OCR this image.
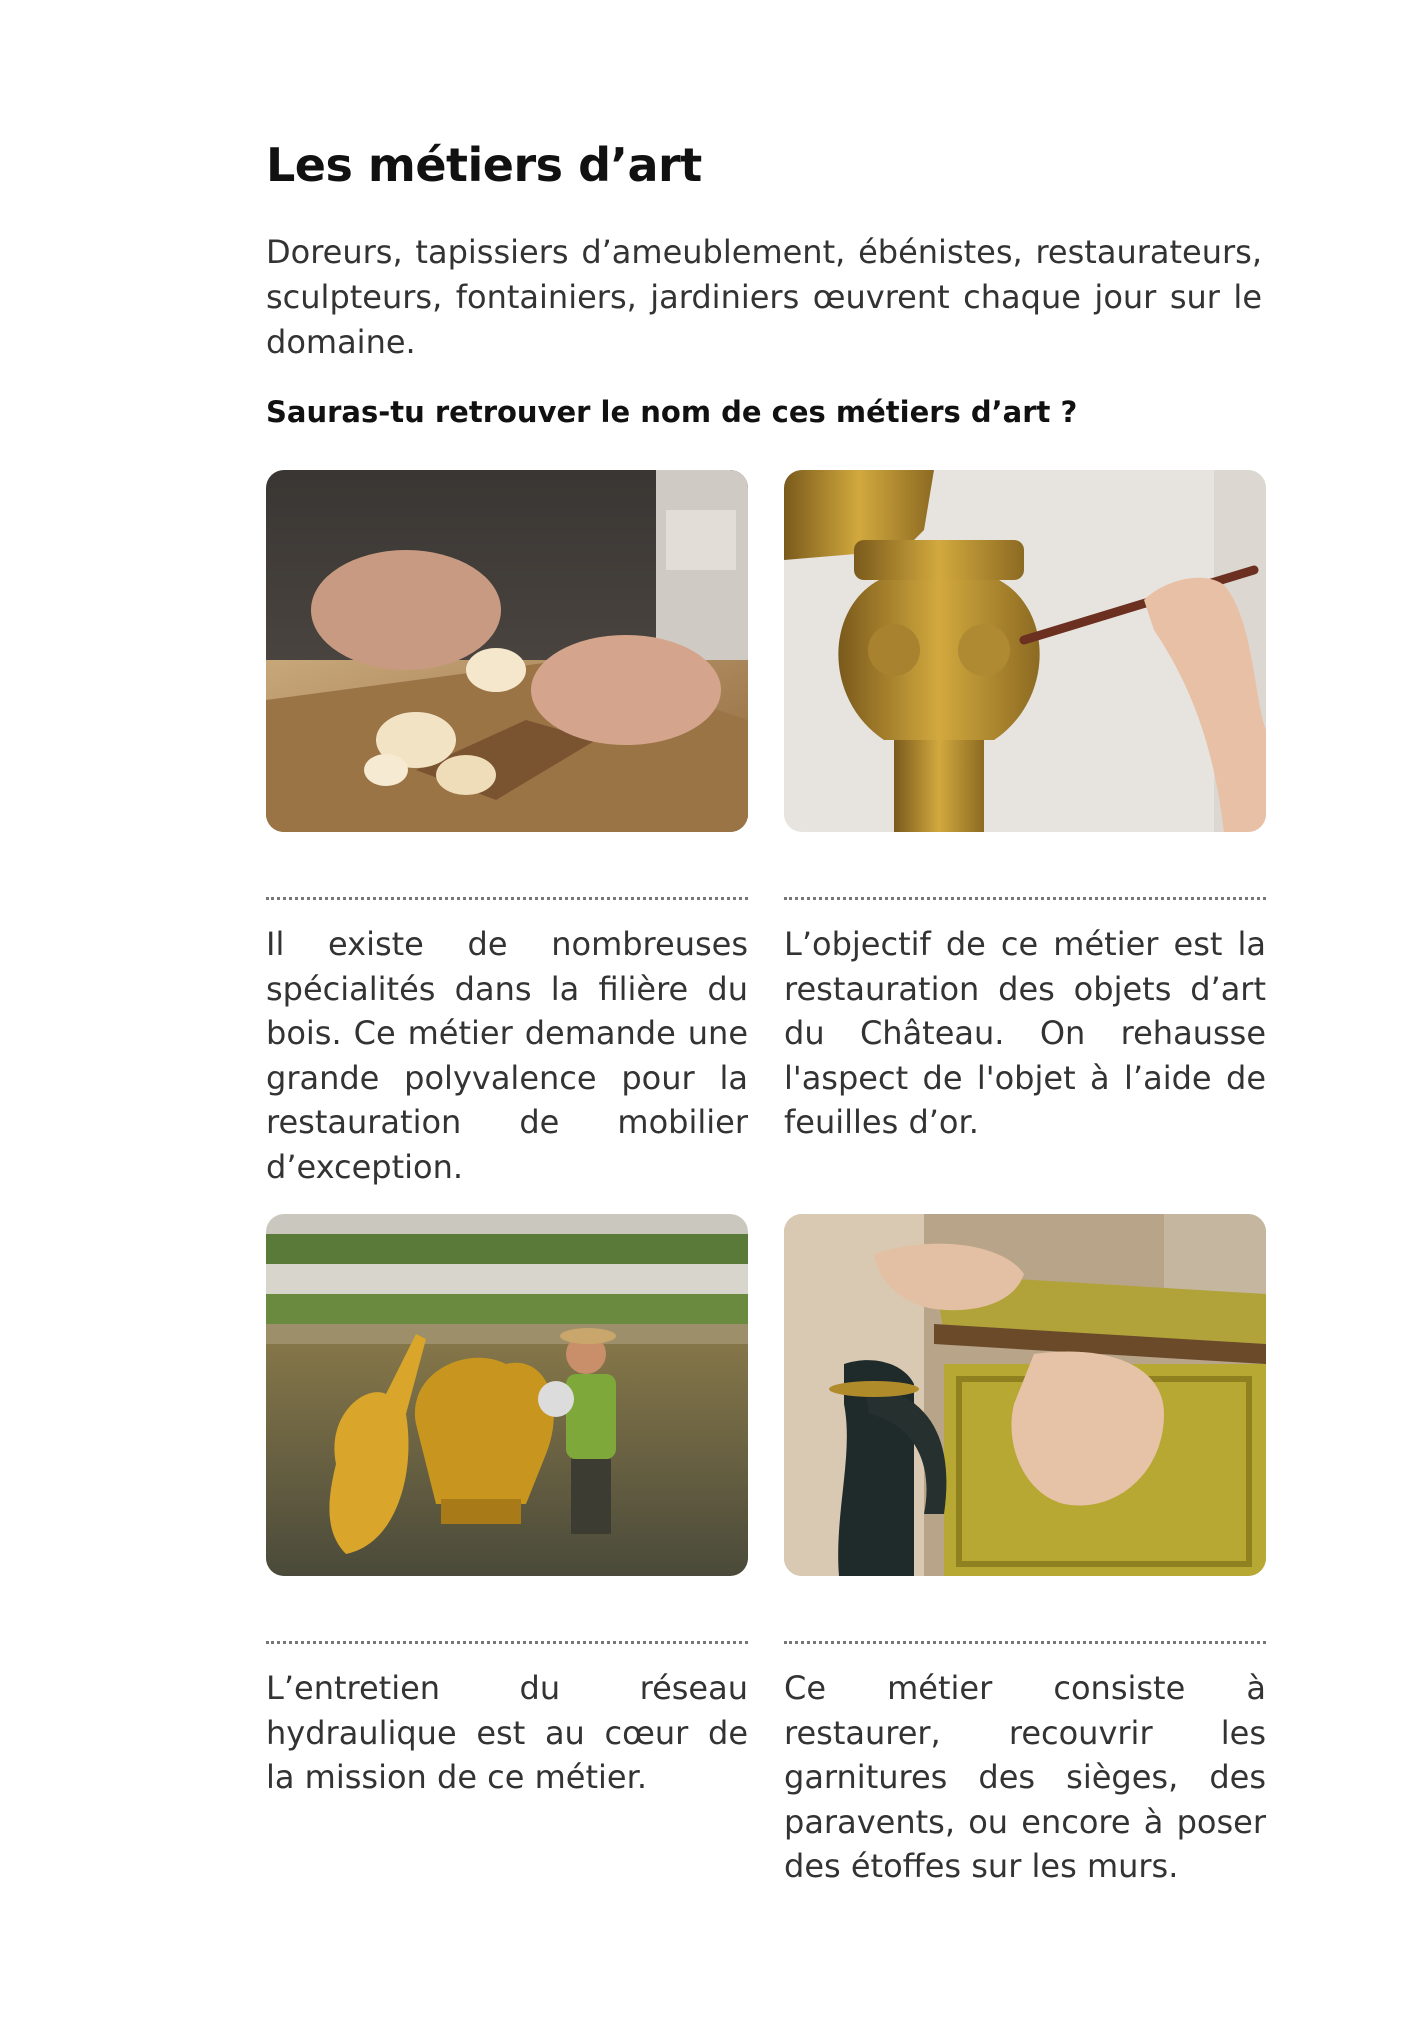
Les métiers d’art

Doreurs, tapissiers d’ameublement, ébénistes, restaurateurs, sculpteurs, fontainiers, jardiniers œuvrent chaque jour sur le domaine.

Sauras-tu retrouver le nom de ces métiers d’art ?

Il existe de nombreuses spécialités dans la filière du bois. Ce métier demande une grande polyvalence pour la restauration de mobilier d’exception.

L’objectif de ce métier est la restauration des objets d’art du Château. On rehausse l'aspect de l'objet à l’aide de feuilles d’or.

L’entretien du réseau hydraulique est au cœur de la mission de ce métier.

Ce métier consiste à restaurer, recouvrir les garnitures des sièges, des paravents, ou encore à poser des étoffes sur les murs.
